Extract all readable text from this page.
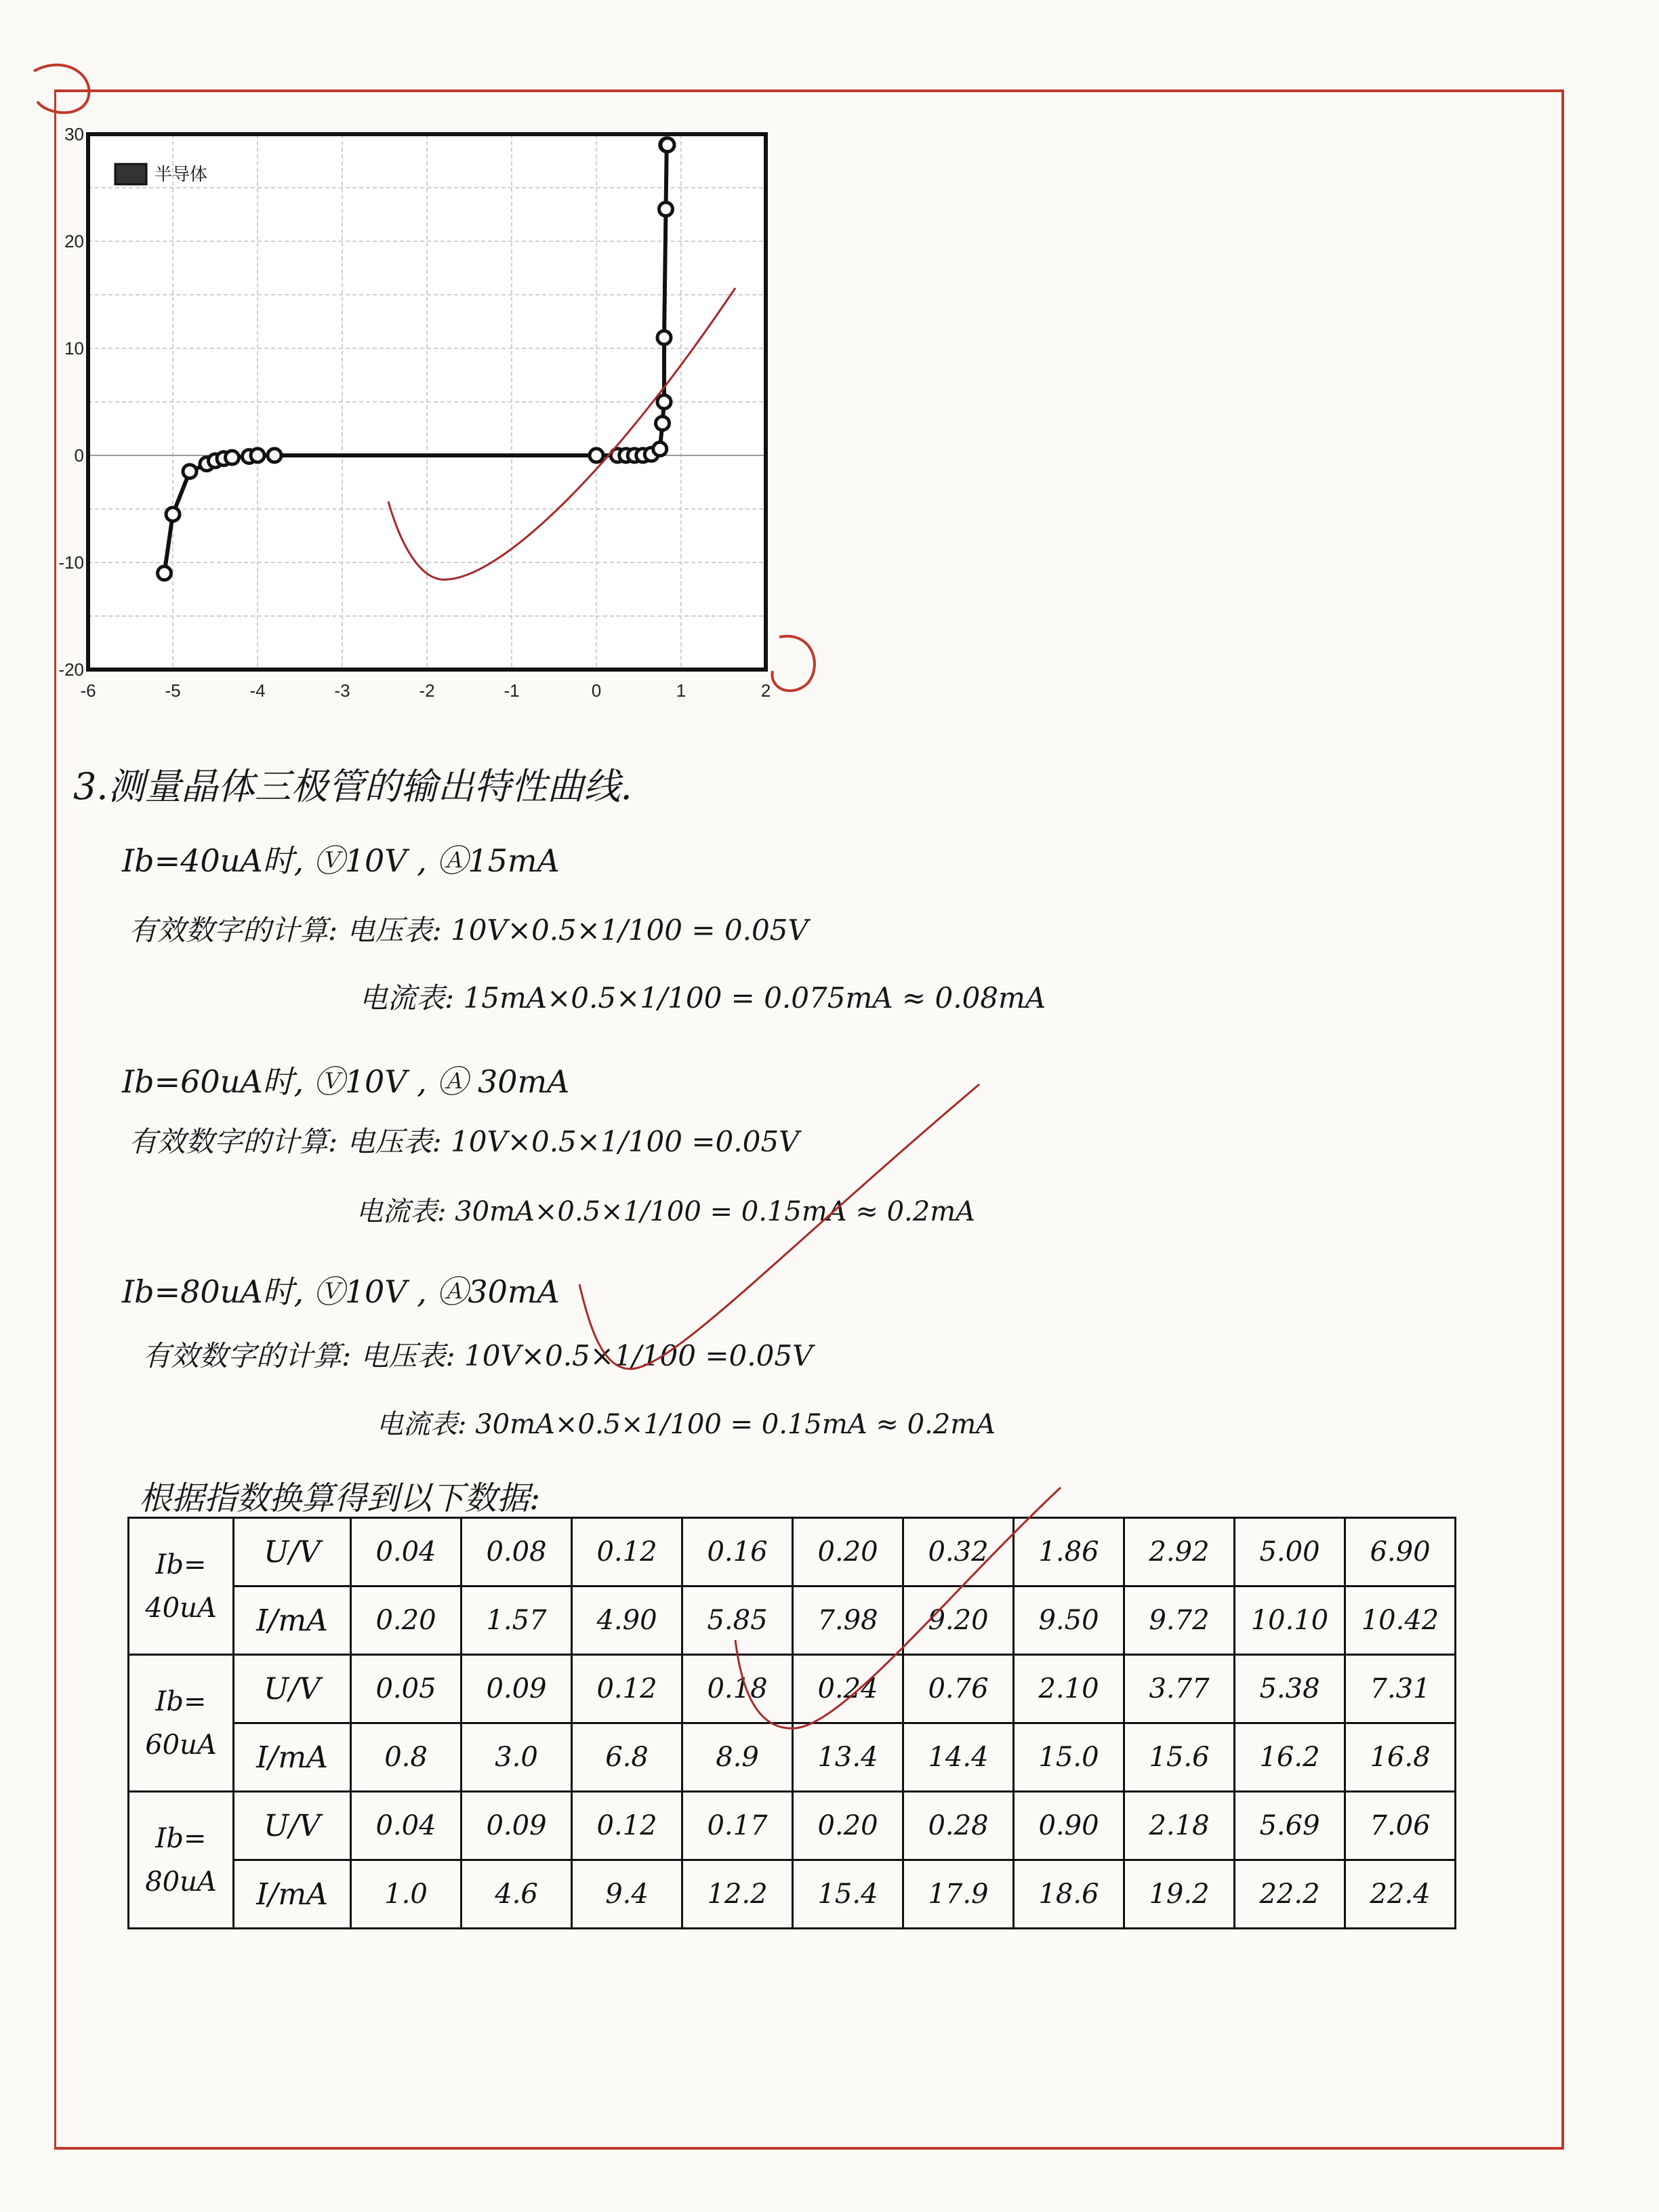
-6	-5	-4	-3	-2	-1	0	1	2
30
20
10
0
-10
-20
半导体
3.测量晶体三极管的输出特性曲线.
Ib=40uA时, Ⓥ10V , Ⓐ15mA
有效数字的计算: 电压表: 10V×0.5×1/100 = 0.05V
电流表: 15mA×0.5×1/100 = 0.075mA ≈ 0.08mA
Ib=60uA时, Ⓥ10V , Ⓐ 30mA
有效数字的计算: 电压表: 10V×0.5×1/100 =0.05V
电流表: 30mA×0.5×1/100 = 0.15mA ≈ 0.2mA
Ib=80uA时, Ⓥ10V , Ⓐ30mA
有效数字的计算: 电压表: 10V×0.5×1/100 =0.05V
电流表: 30mA×0.5×1/100 = 0.15mA ≈ 0.2mA
根据指数换算得到以下数据:
Ib= 40uA	U/V	0.04	0.08	0.12	0.16	0.20	0.32	1.86	2.92	5.00	6.90
	I/mA	0.20	1.57	4.90	5.85	7.98	9.20	9.50	9.72	10.10	10.42
Ib= 60uA	U/V	0.05	0.09	0.12	0.18	0.24	0.76	2.10	3.77	5.38	7.31
	I/mA	0.8	3.0	6.8	8.9	13.4	14.4	15.0	15.6	16.2	16.8
Ib= 80uA	U/V	0.04	0.09	0.12	0.17	0.20	0.28	0.90	2.18	5.69	7.06
	I/mA	1.0	4.6	9.4	12.2	15.4	17.9	18.6	19.2	22.2	22.4
